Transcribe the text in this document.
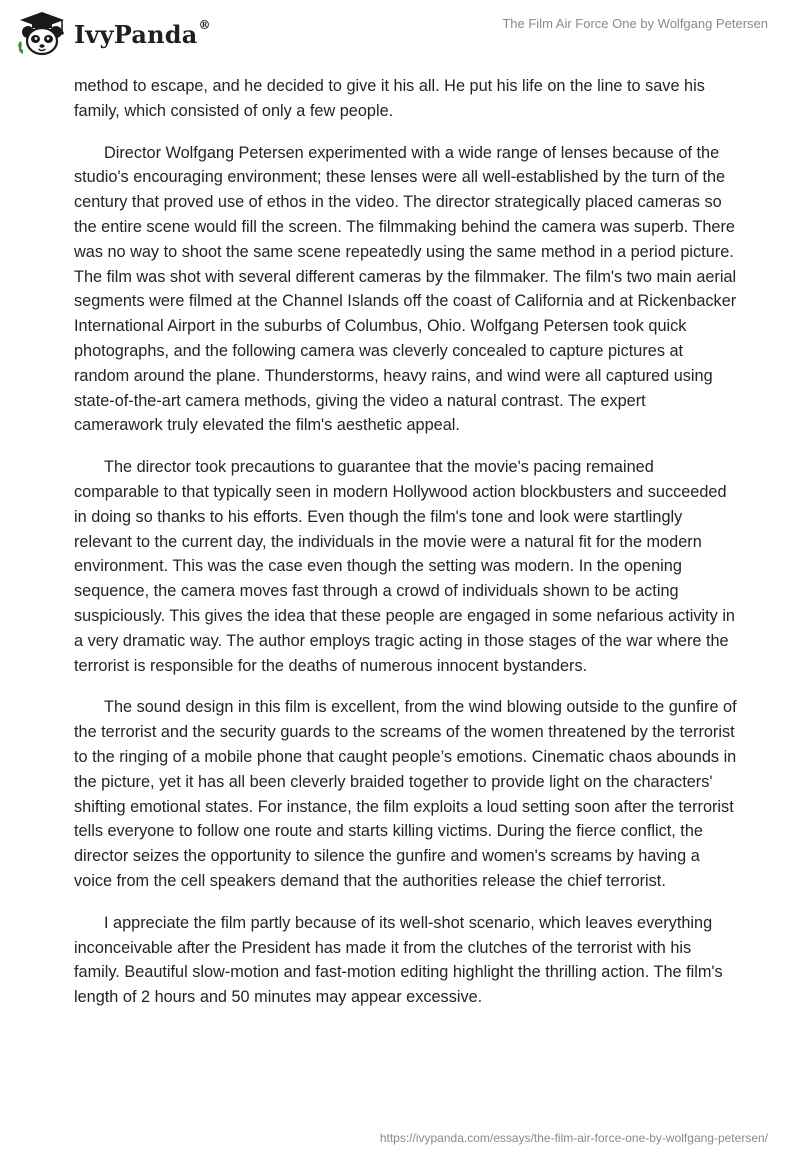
IvyPanda®	The Film Air Force One by Wolfgang Petersen

method to escape, and he decided to give it his all. He put his life on the line to save his family, which consisted of only a few people.

Director Wolfgang Petersen experimented with a wide range of lenses because of the studio's encouraging environment; these lenses were all well-established by the turn of the century that proved use of ethos in the video. The director strategically placed cameras so the entire scene would fill the screen. The filmmaking behind the camera was superb. There was no way to shoot the same scene repeatedly using the same method in a period picture. The film was shot with several different cameras by the filmmaker. The film's two main aerial segments were filmed at the Channel Islands off the coast of California and at Rickenbacker International Airport in the suburbs of Columbus, Ohio. Wolfgang Petersen took quick photographs, and the following camera was cleverly concealed to capture pictures at random around the plane. Thunderstorms, heavy rains, and wind were all captured using state-of-the-art camera methods, giving the video a natural contrast. The expert camerawork truly elevated the film's aesthetic appeal.

The director took precautions to guarantee that the movie's pacing remained comparable to that typically seen in modern Hollywood action blockbusters and succeeded in doing so thanks to his efforts. Even though the film's tone and look were startlingly relevant to the current day, the individuals in the movie were a natural fit for the modern environment. This was the case even though the setting was modern. In the opening sequence, the camera moves fast through a crowd of individuals shown to be acting suspiciously. This gives the idea that these people are engaged in some nefarious activity in a very dramatic way. The author employs tragic acting in those stages of the war where the terrorist is responsible for the deaths of numerous innocent bystanders.

The sound design in this film is excellent, from the wind blowing outside to the gunfire of the terrorist and the security guards to the screams of the women threatened by the terrorist to the ringing of a mobile phone that caught people’s emotions. Cinematic chaos abounds in the picture, yet it has all been cleverly braided together to provide light on the characters' shifting emotional states. For instance, the film exploits a loud setting soon after the terrorist tells everyone to follow one route and starts killing victims. During the fierce conflict, the director seizes the opportunity to silence the gunfire and women's screams by having a voice from the cell speakers demand that the authorities release the chief terrorist.

I appreciate the film partly because of its well-shot scenario, which leaves everything inconceivable after the President has made it from the clutches of the terrorist with his family. Beautiful slow-motion and fast-motion editing highlight the thrilling action. The film's length of 2 hours and 50 minutes may appear excessive.

https://ivypanda.com/essays/the-film-air-force-one-by-wolfgang-petersen/
